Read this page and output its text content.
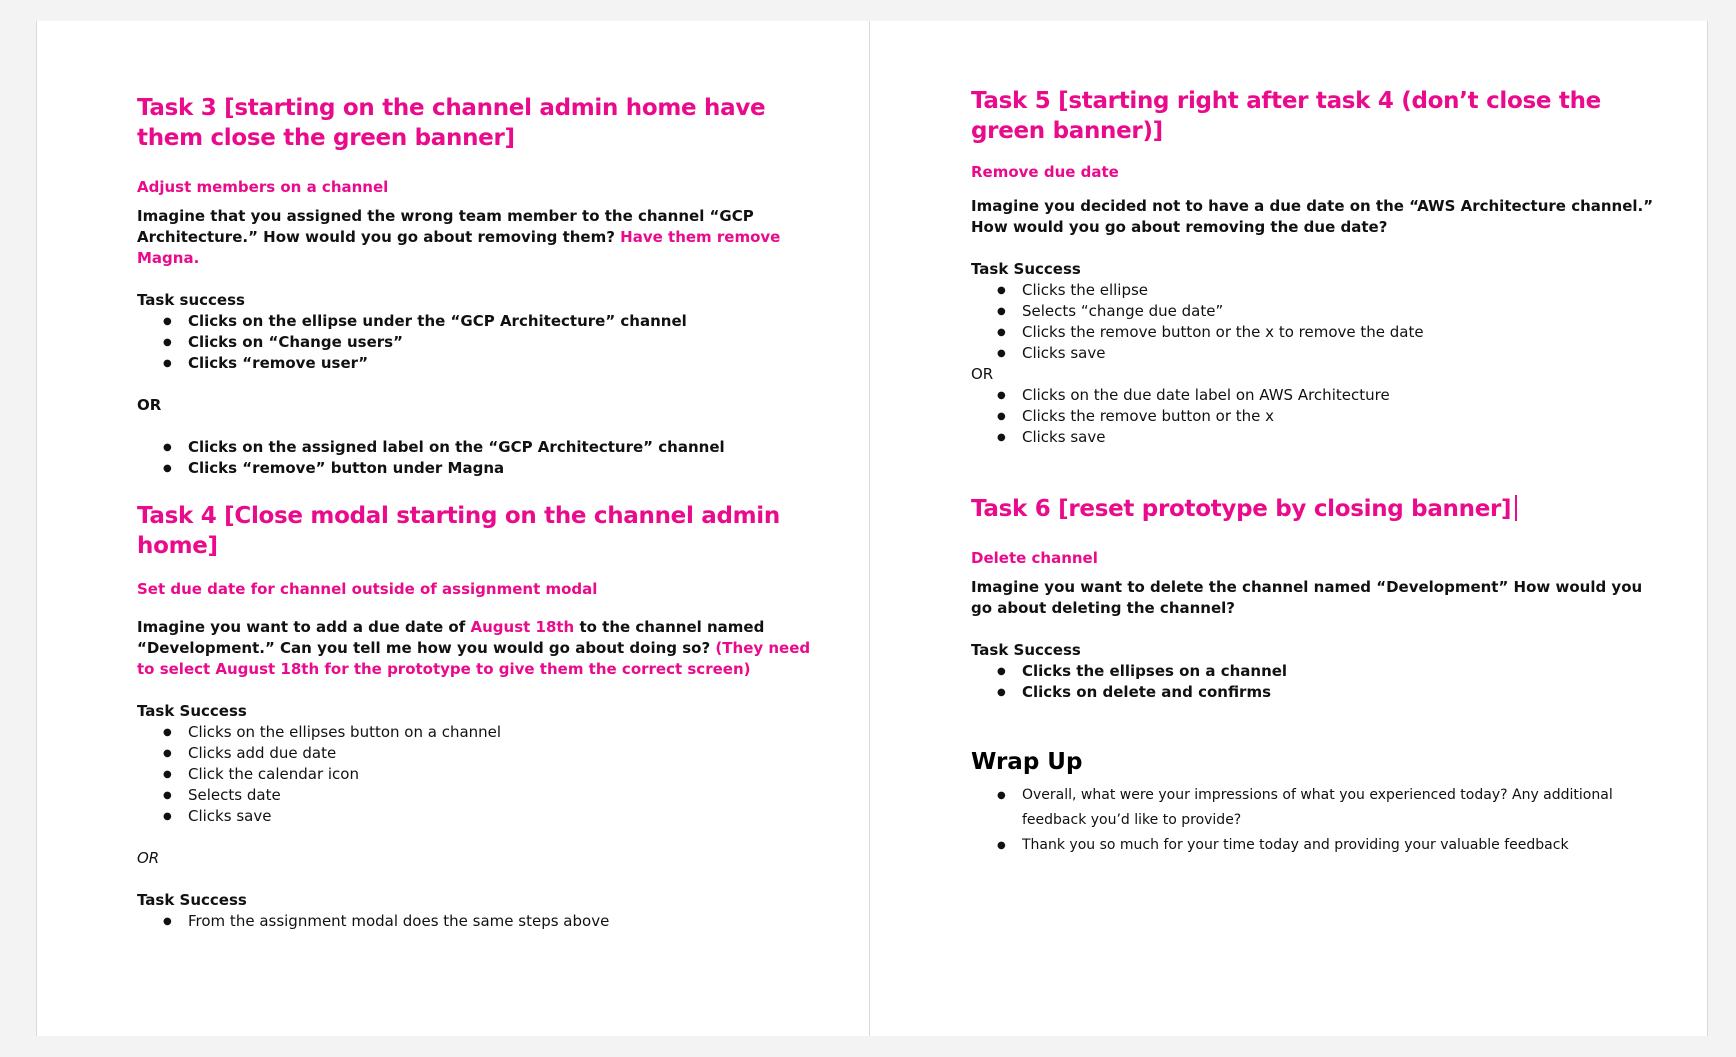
Task 3 [starting on the channel admin home have them close the green banner]
Adjust members on a channel

Imagine that you assigned the wrong team member to the channel “GCP Architecture.” How would you go about removing them? Have them remove Magna.

Task success
● Clicks on the ellipse under the “GCP Architecture” channel
● Clicks on “Change users”
● Clicks “remove user”

OR

● Clicks on the assigned label on the “GCP Architecture” channel
● Clicks “remove” button under Magna
Task 4 [Close modal starting on the channel admin home]
Set due date for channel outside of assignment modal

Imagine you want to add a due date of August 18th to the channel named “Development.” Can you tell me how you would go about doing so? (They need to select August 18th for the prototype to give them the correct screen)

Task Success
● Clicks on the ellipses button on a channel
● Clicks add due date
● Click the calendar icon
● Selects date
● Clicks save

OR

Task Success
● From the assignment modal does the same steps above
Task 5 [starting right after task 4 (don’t close the green banner)]
Remove due date

Imagine you decided not to have a due date on the “AWS Architecture channel.” How would you go about removing the due date?

Task Success
● Clicks the ellipse
● Selects “change due date”
● Clicks the remove button or the x to remove the date
● Clicks save

OR

● Clicks on the due date label on AWS Architecture
● Clicks the remove button or the x
● Clicks save
Task 6 [reset prototype by closing banner]
Delete channel

Imagine you want to delete the channel named “Development” How would you go about deleting the channel?

Task Success
● Clicks the ellipses on a channel
● Clicks on delete and confirms
Wrap Up
● Overall, what were your impressions of what you experienced today? Any additional feedback you’d like to provide?
● Thank you so much for your time today and providing your valuable feedback
